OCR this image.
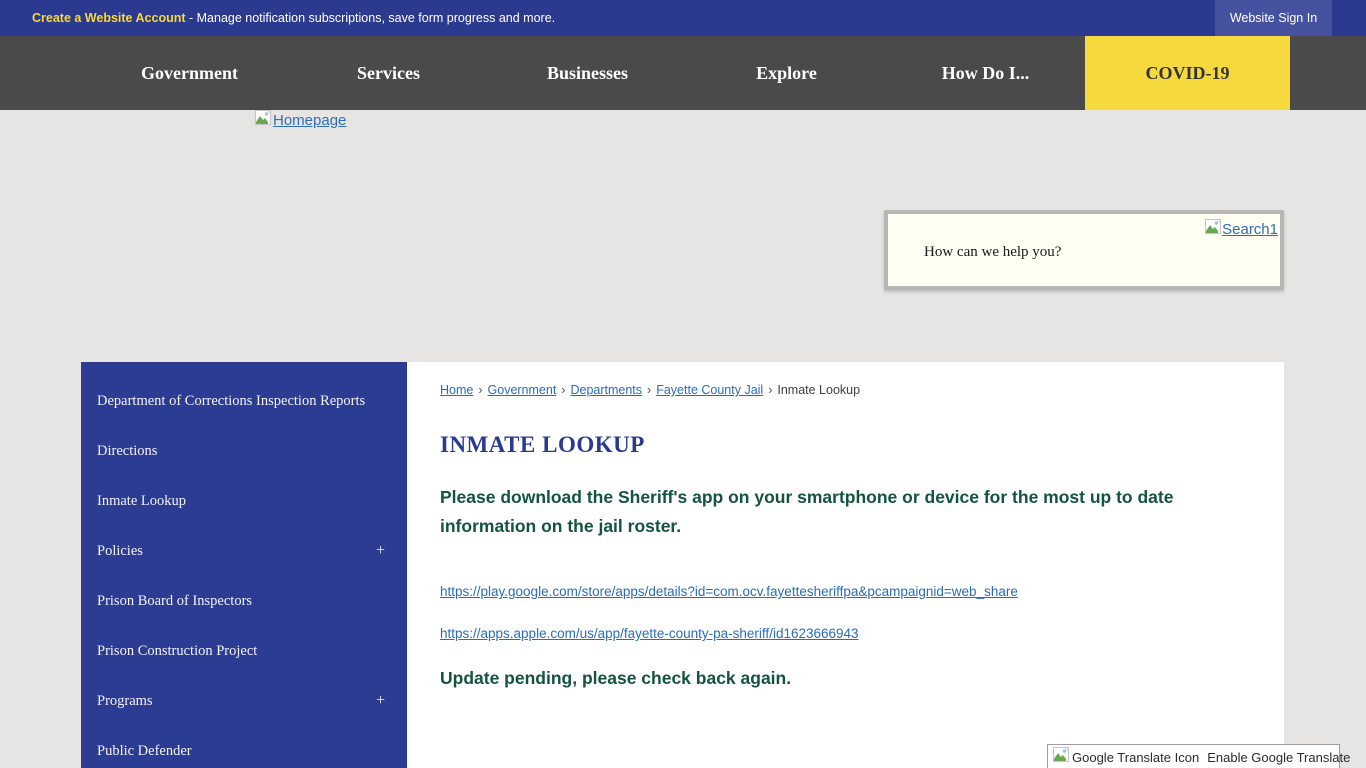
Create a Website Account - Manage notification subscriptions, save form progress and more.	Website Sign In
Government	Services	Businesses	Explore	How Do I...	COVID-19
Homepage
How can we help you?
Search1
Department of Corrections Inspection Reports
Directions
Inmate Lookup
Policies	+
Prison Board of Inspectors
Prison Construction Project
Programs	+
Public Defender
Home › Government › Departments › Fayette County Jail › Inmate Lookup
INMATE LOOKUP

Please download the Sheriff's app on your smartphone or device for the most up to date information on the jail roster.

https://play.google.com/store/apps/details?id=com.ocv.fayettesheriffpa&pcampaignid=web_share
https://apps.apple.com/us/app/fayette-county-pa-sheriff/id1623666943

Update pending, please check back again.

Google Translate Icon Enable Google Translate
